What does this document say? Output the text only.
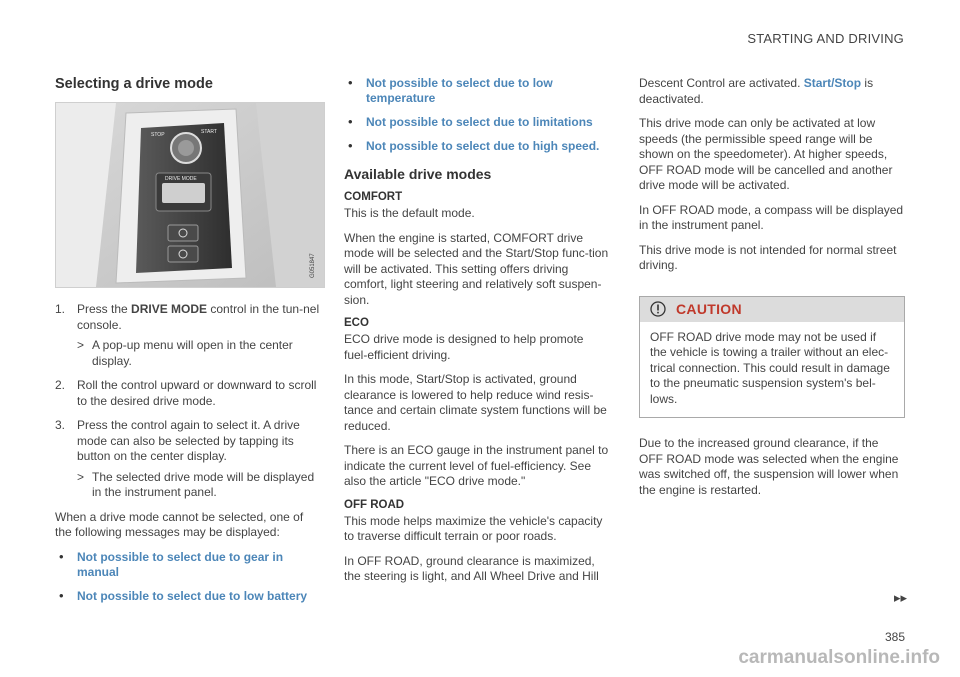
STARTING AND DRIVING
Selecting a drive mode
STOP	START
DRIVE MODE
G051847
1. Press the DRIVE MODE control in the tun-nel console.
> A pop-up menu will open in the center display.
2. Roll the control upward or downward to scroll to the desired drive mode.
3. Press the control again to select it. A drive mode can also be selected by tapping its button on the center display.
> The selected drive mode will be displayed in the instrument panel.

When a drive mode cannot be selected, one of the following messages may be displayed:

• Not possible to select due to gear in manual
• Not possible to select due to low battery
• Not possible to select due to low temperature
• Not possible to select due to limitations
• Not possible to select due to high speed.
Available drive modes
COMFORT

This is the default mode.

When the engine is started, COMFORT drive mode will be selected and the Start/Stop func-tion will be activated. This setting offers driving comfort, light steering and relatively soft suspen-sion.

ECO

ECO drive mode is designed to help promote fuel-efficient driving.

In this mode, Start/Stop is activated, ground clearance is lowered to help reduce wind resis-tance and certain climate system functions will be reduced.

There is an ECO gauge in the instrument panel to indicate the current level of fuel-efficiency. See also the article "ECO drive mode."

OFF ROAD

This mode helps maximize the vehicle's capacity to traverse difficult terrain or poor roads.

In OFF ROAD, ground clearance is maximized, the steering is light, and All Wheel Drive and Hill

Descent Control are activated. Start/Stop is deactivated.

This drive mode can only be activated at low speeds (the permissible speed range will be shown on the speedometer). At higher speeds, OFF ROAD mode will be cancelled and another drive mode will be activated.

In OFF ROAD mode, a compass will be displayed in the instrument panel.

This drive mode is not intended for normal street driving.

CAUTION
OFF ROAD drive mode may not be used if the vehicle is towing a trailer without an elec-trical connection. This could result in damage to the pneumatic suspension system's bel-lows.

Due to the increased ground clearance, if the OFF ROAD mode was selected when the engine was switched off, the suspension will lower when the engine is restarted.

▸▸
385
carmanualsonline.info
